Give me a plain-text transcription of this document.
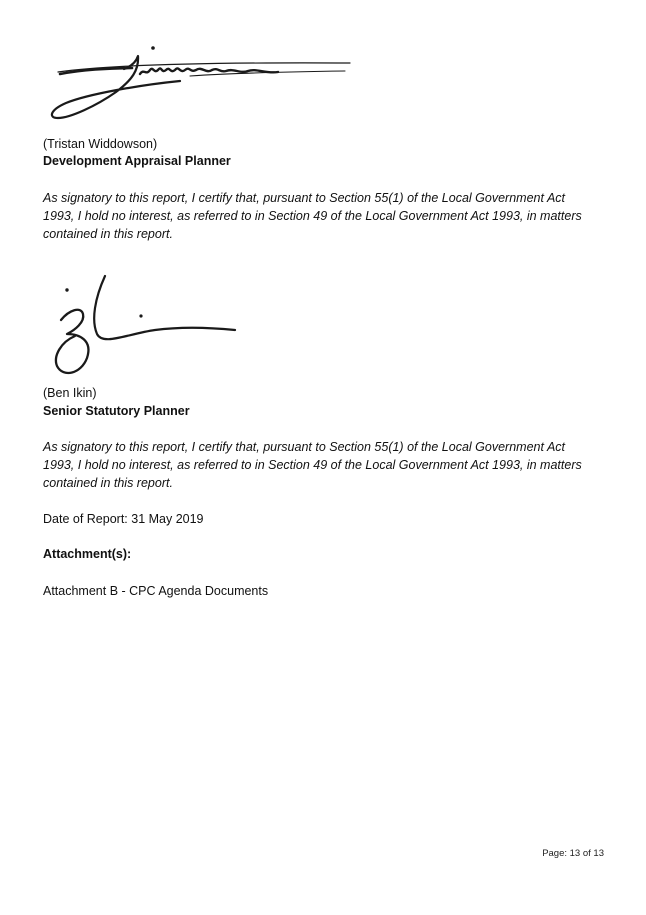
(Tristan Widdowson)
Development Appraisal Planner
As signatory to this report, I certify that, pursuant to Section 55(1) of the Local Government Act
1993, I hold no interest, as referred to in Section 49 of the Local Government Act 1993, in matters
contained in this report.
(Ben Ikin)
Senior Statutory Planner
As signatory to this report, I certify that, pursuant to Section 55(1) of the Local Government Act
1993, I hold no interest, as referred to in Section 49 of the Local Government Act 1993, in matters
contained in this report.
Date of Report: 31 May 2019
Attachment(s):
Attachment B - CPC Agenda Documents
Page: 13 of 13
